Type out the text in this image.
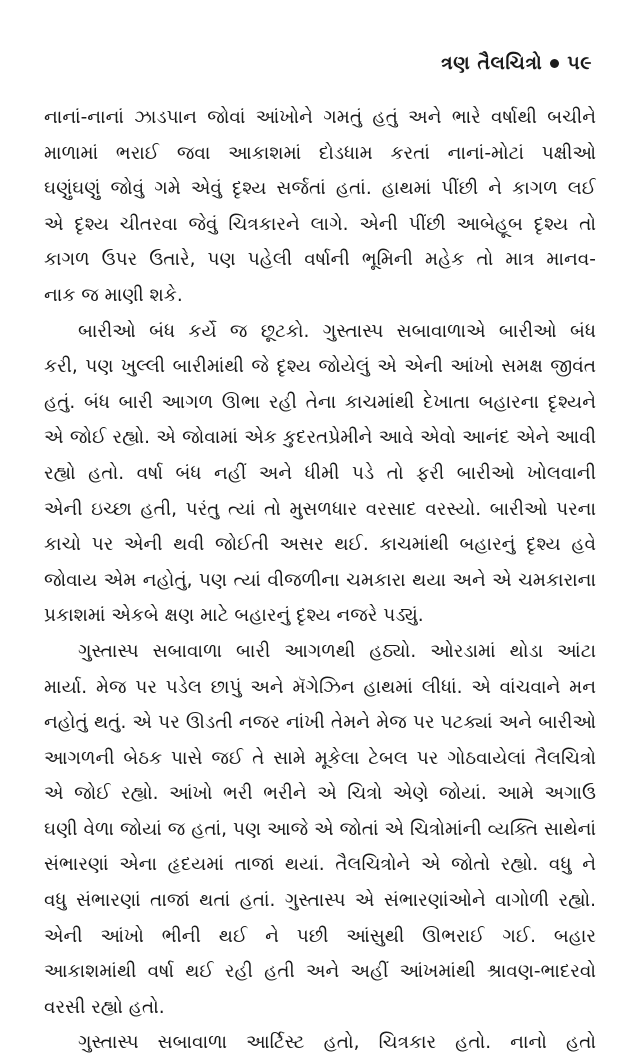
ત્રણ તૈલચિત્રો ૫૯
નાનાં-નાનાં ઝાડપાન જોવાં આંખોને ગમતું હતું અને ભારે વર્ષાથી બચીને
માળામાં ભરાઈ જવા આકાશમાં દોડધામ કરતાં નાનાં-મોટાં પક્ષીઓ
ઘણુંઘણું જોવું ગમે એવું દૃશ્ય સર્જતાં હતાં. હાથમાં પીંછી ને કાગળ લઈ
એ દૃશ્ય ચીતરવા જેવું ચિત્રકારને લાગે. એની પીંછી આબેહૂબ દૃશ્ય તો
કાગળ ઉપર ઉતારે, પણ પહેલી વર્ષાની ભૂમિની મહેક તો માત્ર માનવ-
નાક જ માણી શકે.
બારીઓ બંધ કર્યે જ છૂટકો. ગુસ્તાસ્પ સબાવાળાએ બારીઓ બંધ
કરી, પણ ખુલ્લી બારીમાંથી જે દૃશ્ય જોયેલું એ એની આંખો સમક્ષ જીવંત
હતું. બંધ બારી આગળ ઊભા રહી તેના કાચમાંથી દેખાતા બહારના દૃશ્યને
એ જોઈ રહ્યો. એ જોવામાં એક કુદરતપ્રેમીને આવે એવો આનંદ એને આવી
રહ્યો હતો. વર્ષા બંધ નહીં અને ધીમી પડે તો ફરી બારીઓ ખોલવાની
એની ઇચ્છા હતી, પરંતુ ત્યાં તો મુસળધાર વરસાદ વરસ્યો. બારીઓ પરના
કાચો પર એની થવી જોઈતી અસર થઈ. કાચમાંથી બહારનું દૃશ્ય હવે
જોવાય એમ નહોતું, પણ ત્યાં વીજળીના ચમકારા થયા અને એ ચમકારાના
પ્રકાશમાં એકબે ક્ષણ માટે બહારનું દૃશ્ય નજરે પડ્યું.
ગુસ્તાસ્પ સબાવાળા બારી આગળથી હઠ્યો. ઓરડામાં થોડા આંટા
માર્યા. મેજ પર પડેલ છાપું અને મૅગેઝિન હાથમાં લીધાં. એ વાંચવાને મન
નહોતું થતું. એ પર ઊડતી નજર નાંખી તેમને મેજ પર પટક્યાં અને બારીઓ
આગળની બેઠક પાસે જઈ તે સામે મૂકેલા ટેબલ પર ગોઠવાયેલાં તૈલચિત્રો
એ જોઈ રહ્યો. આંખો ભરી ભરીને એ ચિત્રો એણે જોયાં. આમે અગાઉ
ઘણી વેળા જોયાં જ હતાં, પણ આજે એ જોતાં એ ચિત્રોમાંની વ્યક્તિ સાથેનાં
સંભારણાં એના હૃદયમાં તાજાં થયાં. તૈલચિત્રોને એ જોતો રહ્યો. વધુ ને
વધુ સંભારણાં તાજાં થતાં હતાં. ગુસ્તાસ્પ એ સંભારણાંઓને વાગોળી રહ્યો.
એની આંખો ભીની થઈ ને પછી આંસુથી ઊભરાઈ ગઈ. બહાર
આકાશમાંથી વર્ષા થઈ રહી હતી અને અહીં આંખમાંથી શ્રાવણ-ભાદરવો
વરસી રહ્યો હતો.
ગુસ્તાસ્પ સબાવાળા આર્ટિસ્ટ હતો, ચિત્રકાર હતો. નાનો હતો
